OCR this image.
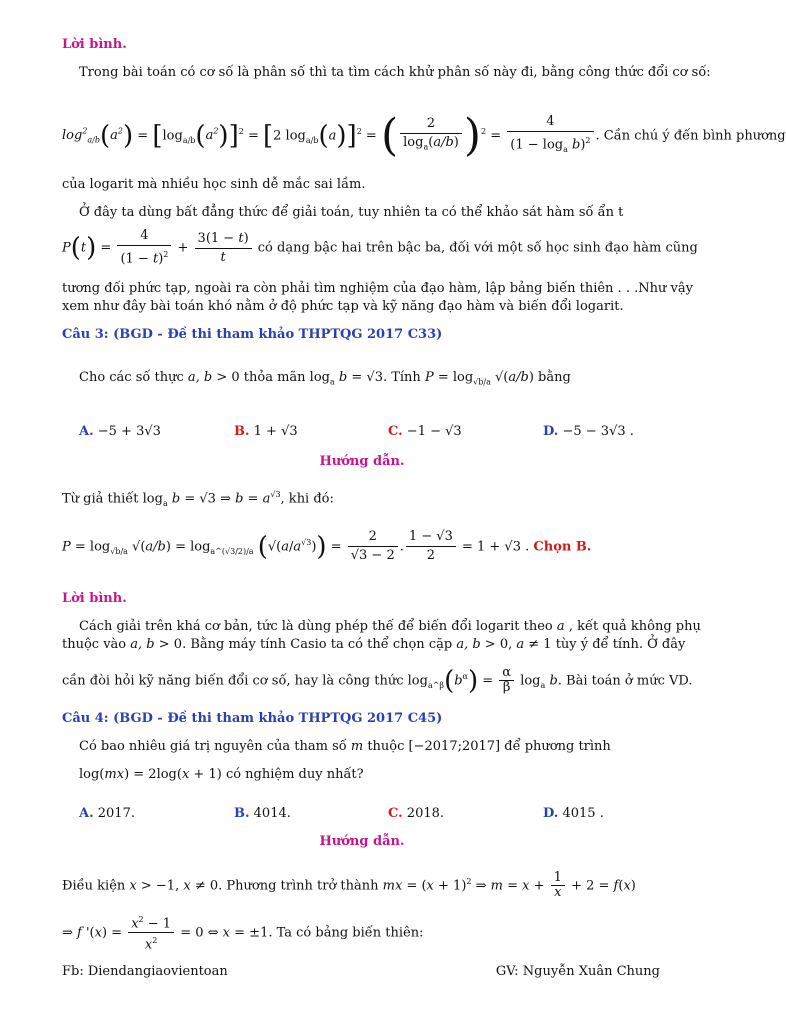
Lời bình.
Trong bài toán có cơ số là phân số thì ta tìm cách khử phân số này đi, bằng công thức đổi cơ số:
$\log^2_{a/b}(a^2) = [\log_{a/b}(a^2)]^2 = [2$ $\log_{a/b}(a)]^2$ = ( $\frac{2}{\log_a(a/b)} )^2 = \frac{4}{(1 - \log_a b)^2}$ . Cần chú ý đến bình phương
của logarit mà nhiều học sinh dễ mắc sai lầm.
Ở đây ta dùng bất đẳng thức để giải toán, tuy nhiên ta có thể khảo sát hàm số ẩn t
$P(t) = \frac{4}{(1 - t)^2} + \frac{3(1 - t)}{t}$ có dạng bậc hai trên bậc ba, đối với một số học sinh đạo hàm cũng
tương đối phức tạp, ngoài ra còn phải tìm nghiệm của đạo hàm, lập bảng biến thiên . . .Như vậy
xem như đây bài toán khó nằm ở độ phức tạp và kỹ năng đạo hàm và biến đổi logarit.
Câu 3: (BGD - Đề thi tham khảo THPTQG 2017 C33)
Cho các số thực a, b > 0 thỏa mãn $\log_a b = √3$. Tính $P = \log_{√b/a} √(a/b)$ bằng
A. −5 + 3√3	B. 1 + √3	C. −1 − √3	D. −5 − 3√3 .
Hướng dẫn.
Từ giả thiết $\log_a b = √3$ ⇒ $b = a^{√3}$, khi đó:
$P = \log_{√b/a} √(a/b) = \log_{a\^{}(√3/2)/a} (√(a/a^{√3})) = \frac{2}{√3 - 2}$ . $\frac{1 - √3}{2} = 1 + √3$ . Chọn B.
Lời bình.
Cách giải trên khá cơ bản, tức là dùng phép thế để biến đổi logarit theo a , kết quả không phụ
thuộc vào a, b > 0. Bằng máy tính Casio ta có thể chọn cặp a, b > 0, a ≠ 1 tùy ý để tính. Ở đây
cần đòi hỏi kỹ năng biến đổi cơ số, hay là công thức $\log_{a\^{}\beta}(b^\alpha) = \frac{\alpha}{\beta} \log_a b$. Bài toán ở mức VD.
Câu 4: (BGD - Đề thi tham khảo THPTQG 2017 C45)
Có bao nhiêu giá trị nguyên của tham số m thuộc [−2017;2017] để phương trình
log(mx) = 2log(x + 1) có nghiệm duy nhất?
A. 2017.	B. 4014.	C. 2018.	D. 4015 .
Hướng dẫn.
Điều kiện x > −1, x ≠ 0. Phương trình trở thành mx = $(x + 1)^2$ ⇒ $m = x + \frac{1}{x} + 2 = f(x)$
⇒ f '$(x) = \frac{x^2 - 1}{x^2} = 0$ ⇔ x = ±1. Ta có bảng biến thiên:
Fb: Diendangiaovientoan	GV: Nguyễn Xuân Chung
